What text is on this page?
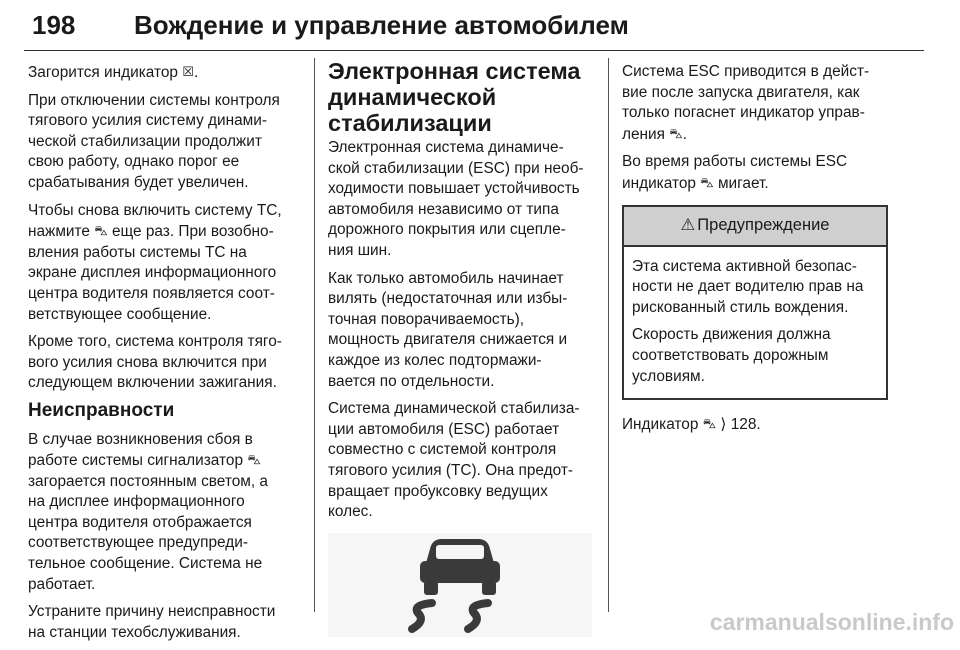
198 Вождение и управление автомобилем

Загорится индикатор ☒.

При отключении системы контроля
тягового усилия систему динами-
ческой стабилизации продолжит
свою работу, однако порог ее
срабатывания будет увеличен.

Чтобы снова включить систему TC,
нажмите ⛍ еще раз. При возобно-
вления работы системы TC на
экране дисплея информационного
центра водителя появляется соот-
ветствующее сообщение.

Кроме того, система контроля тяго-
вого усилия снова включится при
следующем включении зажигания.

Неисправности

В случае возникновения сбоя в
работе системы сигнализатор ⛍
загорается постоянным светом, а
на дисплее информационного
центра водителя отображается
соответствующее предупреди-
тельное сообщение. Система не
работает.

Устраните причину неисправности
на станции техобслуживания.

Электронная система
динамической
стабилизации

Электронная система динамиче-
ской стабилизации (ESC) при необ-
ходимости повышает устойчивость
автомобиля независимо от типа
дорожного покрытия или сцепле-
ния шин.

Как только автомобиль начинает
вилять (недостаточная или избы-
точная поворачиваемость),
мощность двигателя снижается и
каждое из колес подтормажи-
вается по отдельности.

Система динамической стабилиза-
ции автомобиля (ESC) работает
совместно с системой контроля
тягового усилия (TC). Она предот-
вращает пробуксовку ведущих
колес.

Система ESC приводится в дейст-
вие после запуска двигателя, как
только погаснет индикатор управ-
ления ⛍.

Во время работы системы ESC
индикатор ⛍ мигает.

⚠ Предупреждение

Эта система активной безопас-
ности не дает водителю прав на
рискованный стиль вождения.

Скорость движения должна
соответствовать дорожным
условиям.

Индикатор ⛍ ⟩ 128.

carmanualsonline.info
